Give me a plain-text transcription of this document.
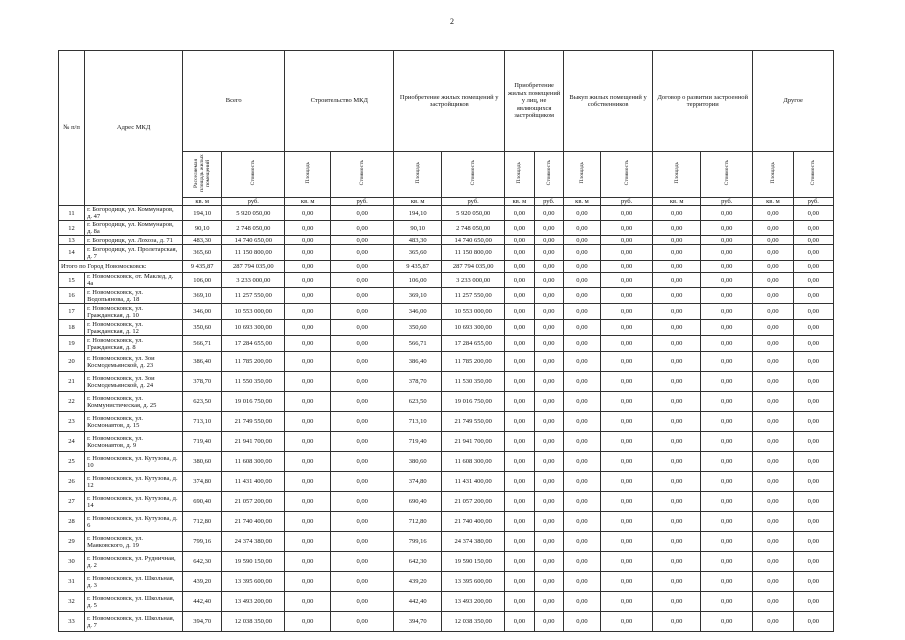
2
№ п/п	Адрес МКД	Всего		Строительство МКД		Приобретение жилых помещений у застройщиков		Приобретение жилых помещений у лиц, не являющихся застройщиком		Выкуп жилых помещений у собственников		Договор о развитии застроенной территории		Другое	
		Расселяемая площадь жилых помещений	Стоимость	Площадь	Стоимость	Площадь	Стоимость	Площадь	Стоимость	Площадь	Стоимость	Площадь	Стоимость	Площадь	Стоимость
		кв. м	руб.	кв. м	руб.	кв. м	руб.	кв. м	руб.	кв. м	руб.	кв. м	руб.	кв. м	руб.
11	г. Богородицк, ул. Коммунаров, д. 47	194,10	5 920 050,00	0,00	0,00	194,10	5 920 050,00	0,00	0,00	0,00	0,00	0,00	0,00	0,00	0,00
12	г. Богородицк, ул. Коммунаров, д. 8а	90,10	2 748 050,00	0,00	0,00	90,10	2 748 050,00	0,00	0,00	0,00	0,00	0,00	0,00	0,00	0,00
13	г. Богородицк, ул. Лохоза, д. 71	483,30	14 740 650,00	0,00	0,00	483,30	14 740 650,00	0,00	0,00	0,00	0,00	0,00	0,00	0,00	0,00
14	г. Богородицк, ул. Пролетарская, д. 7	365,60	11 150 800,00	0,00	0,00	365,60	11 150 800,00	0,00	0,00	0,00	0,00	0,00	0,00	0,00	0,00
Итого по Город Новомосковск:		9 435,87	287 794 035,00	0,00	0,00	9 435,87	287 794 035,00	0,00	0,00	0,00	0,00	0,00	0,00	0,00	0,00
15	г. Новомосковск, от. Маклед, д. 4а	106,00	3 233 000,00	0,00	0,00	106,00	3 233 000,00	0,00	0,00	0,00	0,00	0,00	0,00	0,00	0,00
16	г. Новомосковск, ул. Водопьянова, д. 18	369,10	11 257 550,00	0,00	0,00	369,10	11 257 550,00	0,00	0,00	0,00	0,00	0,00	0,00	0,00	0,00
17	г. Новомосковск, ул. Гражданская, д. 10	346,00	10 553 000,00	0,00	0,00	346,00	10 553 000,00	0,00	0,00	0,00	0,00	0,00	0,00	0,00	0,00
18	г. Новомосковск, ул. Гражданская, д. 12	350,60	10 693 300,00	0,00	0,00	350,60	10 693 300,00	0,00	0,00	0,00	0,00	0,00	0,00	0,00	0,00
19	г. Новомосковск, ул. Гражданская, д. 8	566,71	17 284 655,00	0,00	0,00	566,71	17 284 655,00	0,00	0,00	0,00	0,00	0,00	0,00	0,00	0,00
20	г. Новомосковск, ул. Зои Космодемьянской, д. 23	386,40	11 785 200,00	0,00	0,00	386,40	11 785 200,00	0,00	0,00	0,00	0,00	0,00	0,00	0,00	0,00
21	г. Новомосковск, ул. Зои Космодемьянской, д. 24	378,70	11 550 350,00	0,00	0,00	378,70	11 530 350,00	0,00	0,00	0,00	0,00	0,00	0,00	0,00	0,00
22	г. Новомосковск, ул. Коммунистическая, д. 25	623,50	19 016 750,00	0,00	0,00	623,50	19 016 750,00	0,00	0,00	0,00	0,00	0,00	0,00	0,00	0,00
23	г. Новомосковск, ул. Космонавтов, д. 15	713,10	21 749 550,00	0,00	0,00	713,10	21 749 550,00	0,00	0,00	0,00	0,00	0,00	0,00	0,00	0,00
24	г. Новомосковск, ул. Космонавтов, д. 9	719,40	21 941 700,00	0,00	0,00	719,40	21 941 700,00	0,00	0,00	0,00	0,00	0,00	0,00	0,00	0,00
25	г. Новомосковск, ул. Кутузова, д. 10	380,60	11 608 300,00	0,00	0,00	380,60	11 608 300,00	0,00	0,00	0,00	0,00	0,00	0,00	0,00	0,00
26	г. Новомосковск, ул. Кутузова, д. 12	374,80	11 431 400,00	0,00	0,00	374,80	11 431 400,00	0,00	0,00	0,00	0,00	0,00	0,00	0,00	0,00
27	г. Новомосковск, ул. Кутузова, д. 14	690,40	21 057 200,00	0,00	0,00	690,40	21 057 200,00	0,00	0,00	0,00	0,00	0,00	0,00	0,00	0,00
28	г. Новомосковск, ул. Кутузова, д. 6	712,80	21 740 400,00	0,00	0,00	712,80	21 740 400,00	0,00	0,00	0,00	0,00	0,00	0,00	0,00	0,00
29	г. Новомосковск, ул. Маяковского, д. 19	799,16	24 374 380,00	0,00	0,00	799,16	24 374 380,00	0,00	0,00	0,00	0,00	0,00	0,00	0,00	0,00
30	г. Новомосковск, ул. Рудничная, д. 2	642,30	19 590 150,00	0,00	0,00	642,30	19 590 150,00	0,00	0,00	0,00	0,00	0,00	0,00	0,00	0,00
31	г. Новомосковск, ул. Школьная, д. 3	439,20	13 395 600,00	0,00	0,00	439,20	13 395 600,00	0,00	0,00	0,00	0,00	0,00	0,00	0,00	0,00
32	г. Новомосковск, ул. Школьная, д. 5	442,40	13 493 200,00	0,00	0,00	442,40	13 493 200,00	0,00	0,00	0,00	0,00	0,00	0,00	0,00	0,00
33	г. Новомосковск, ул. Школьная, д. 7	394,70	12 038 350,00	0,00	0,00	394,70	12 038 350,00	0,00	0,00	0,00	0,00	0,00	0,00	0,00	0,00
